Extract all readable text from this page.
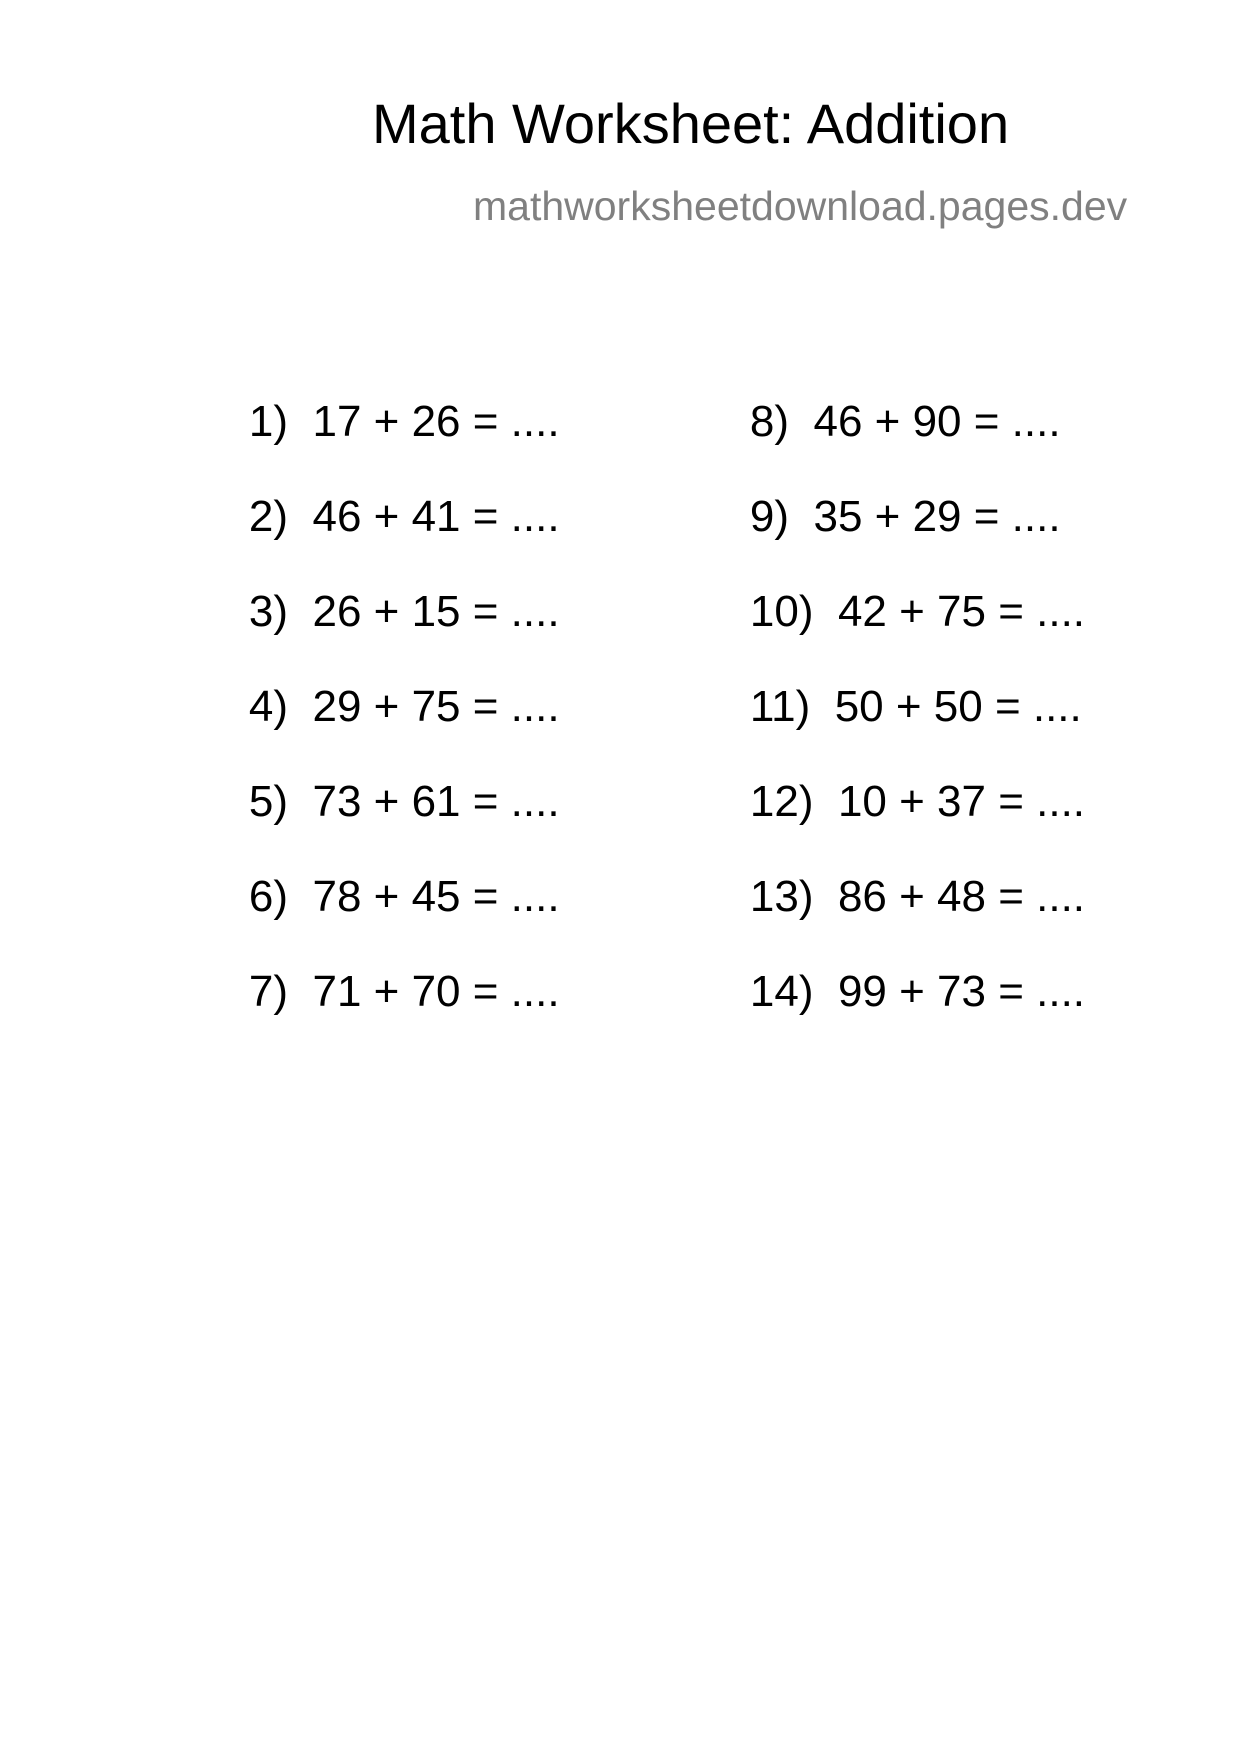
Math Worksheet: Addition
mathworksheetdownload.pages.dev

1) 17 + 26 = ....

2) 46 + 41 = ....

3) 26 + 15 = ....

4) 29 + 75 = ....

5) 73 + 61 = ....

6) 78 + 45 = ....

7) 71 + 70 = ....

8) 46 + 90 = ....

9) 35 + 29 = ....

10) 42 + 75 = ....

11) 50 + 50 = ....

12) 10 + 37 = ....

13) 86 + 48 = ....

14) 99 + 73 = ....
